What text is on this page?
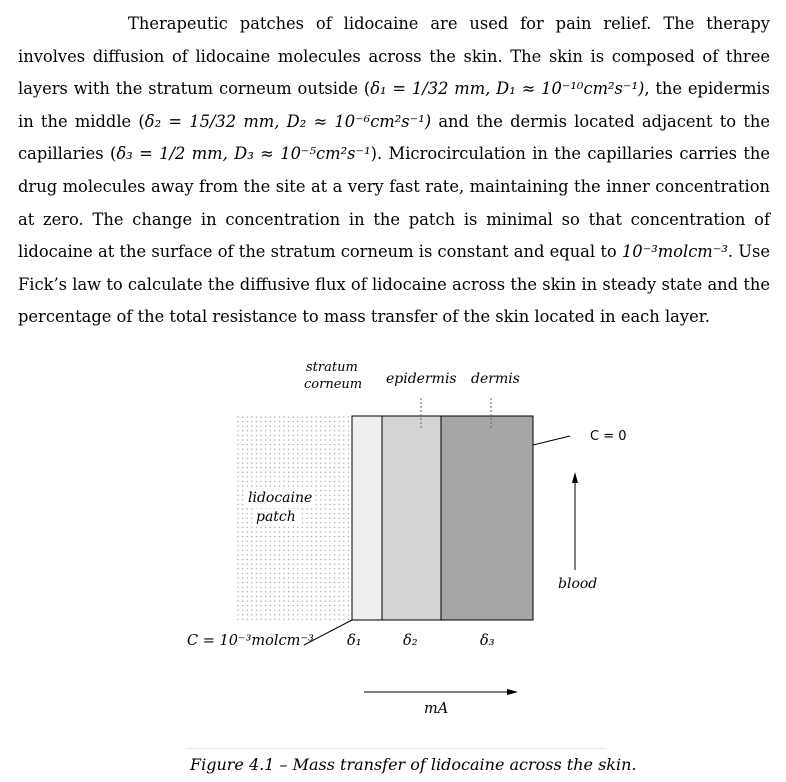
Therapeutic patches of lidocaine are used for pain relief. The therapy involves diffusion of lidocaine molecules across the skin. The skin is composed of three layers with the stratum corneum outside (δ₁ = 1/32 mm, D₁ ≈ 10⁻¹⁰cm²s⁻¹), the epidermis in the middle (δ₂ = 15/32 mm, D₂ ≈ 10⁻⁶cm²s⁻¹) and the dermis located adjacent to the capillaries (δ₃ = 1/2 mm, D₃ ≈ 10⁻⁵cm²s⁻¹). Microcirculation in the capillaries carries the drug molecules away from the site at a very fast rate, maintaining the inner concentration at zero. The change in concentration in the patch is minimal so that concentration of lidocaine at the surface of the stratum corneum is constant and equal to 10⁻³molcm⁻³. Use Fick’s law to calculate the diffusive flux of lidocaine across the skin in steady state and the percentage of the total resistance to mass transfer of the skin located in each layer.

stratum
corneum epidermis dermis
lidocaine
patch
C = 0
blood
C = 10⁻³molcm⁻³ δ₁	δ₂	δ₃
mA
Figure 4.1 – Mass transfer of lidocaine across the skin.
